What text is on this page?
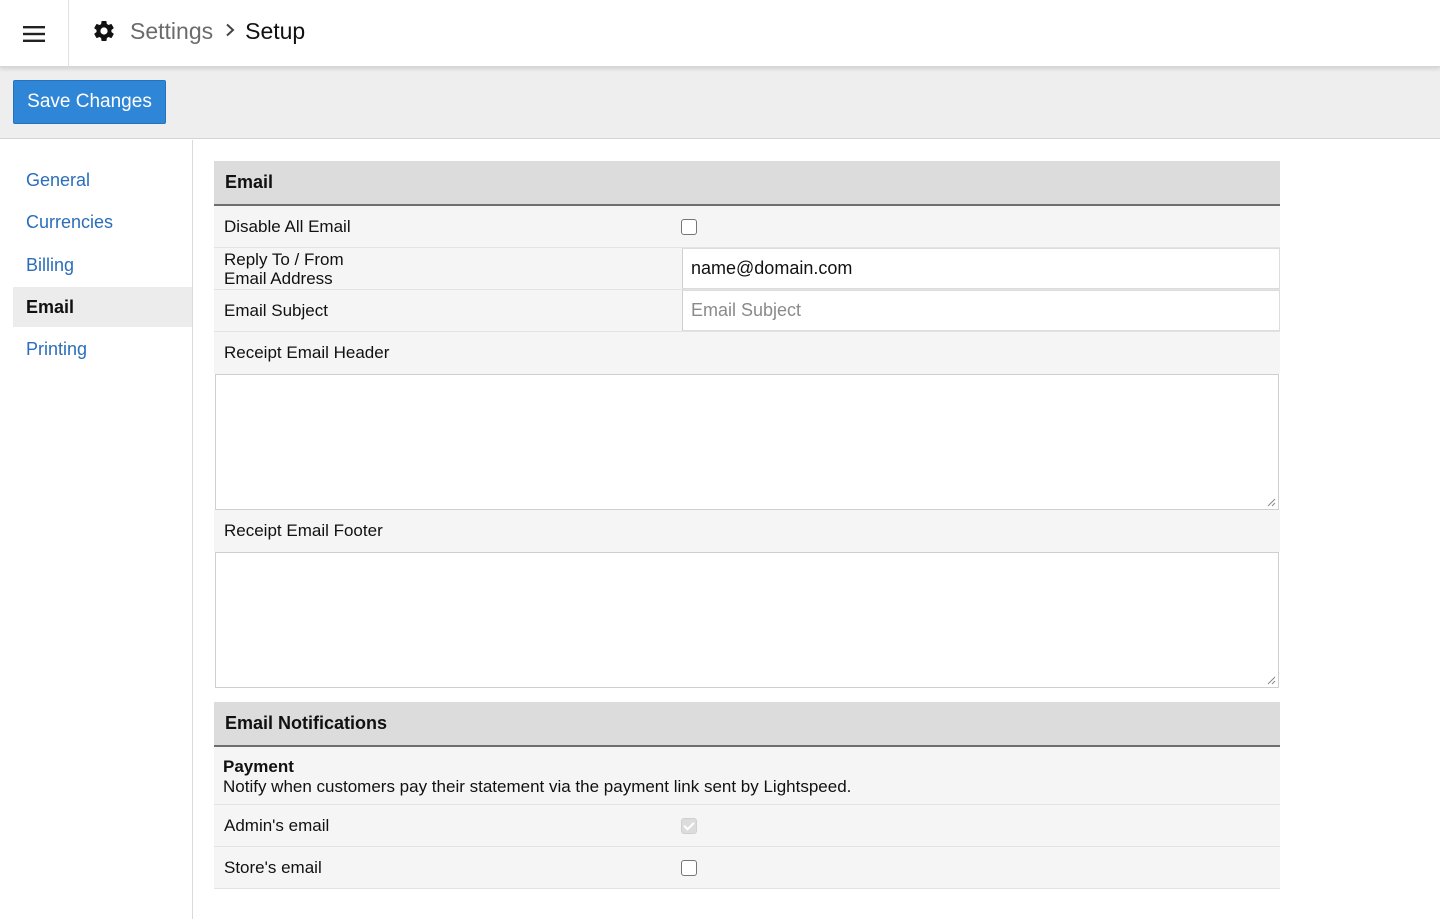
Settings Setup
Save Changes
General
Currencies
Billing
Email
Printing
Email
Disable All Email
Reply To / From
Email Address	name@domain.com
Email Subject	Email Subject
Receipt Email Header
Receipt Email Footer
Email Notifications
Payment
Notify when customers pay their statement via the payment link sent by Lightspeed.
Admin's email
Store's email
